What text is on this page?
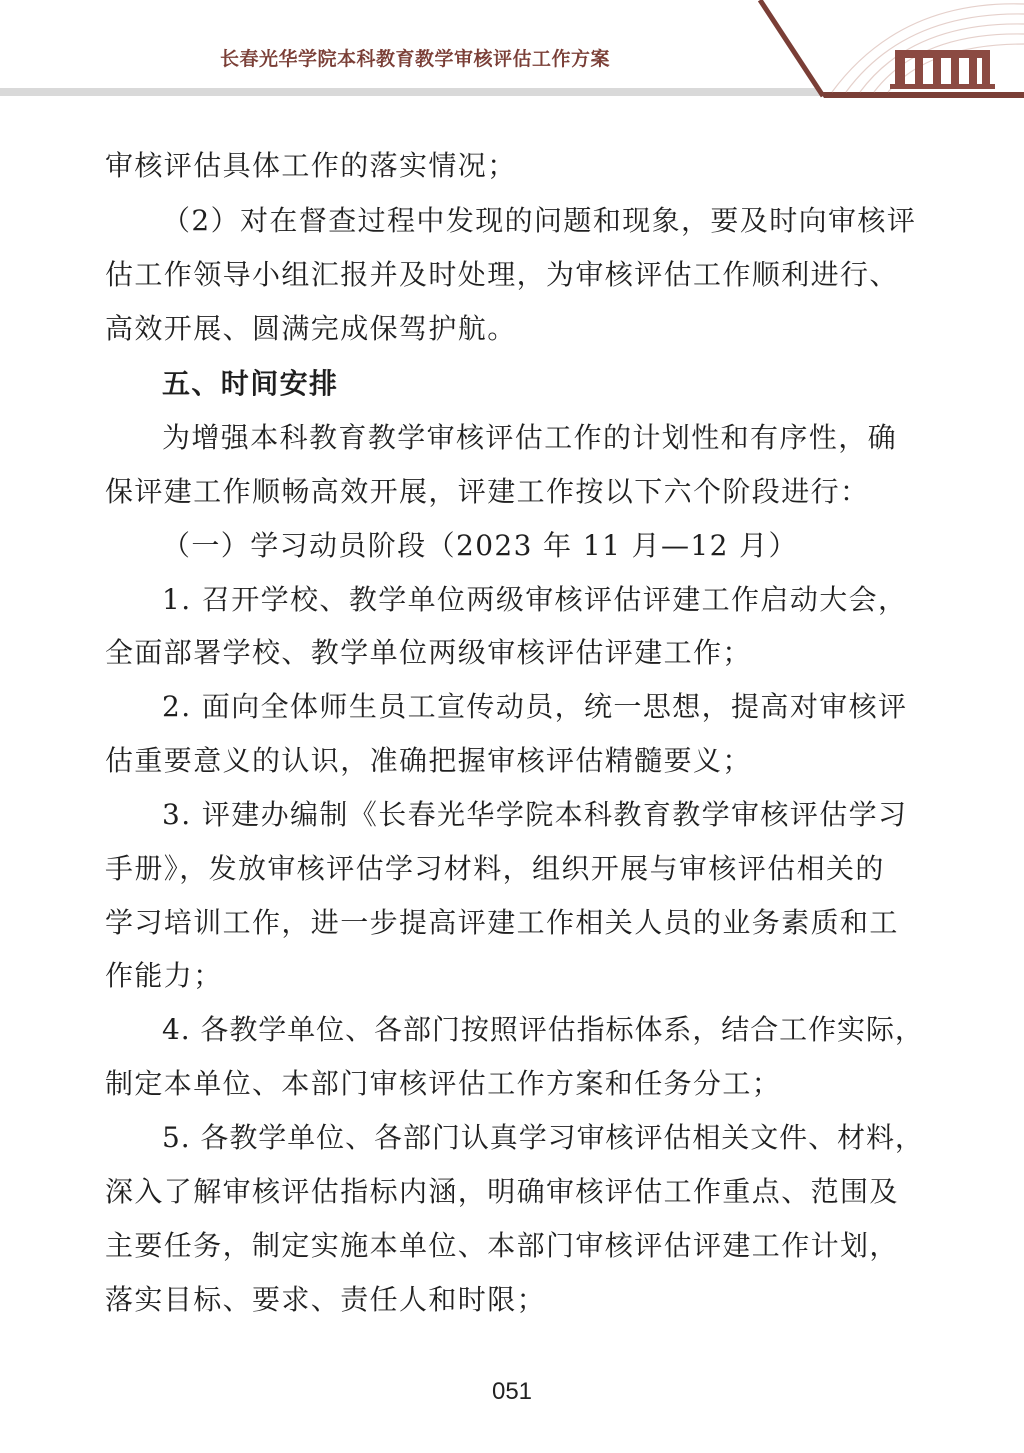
长春光华学院本科教育教学审核评估工作方案
审核评估具体工作的落实情况；
（2）对在督查过程中发现的问题和现象，要及时向审核评
估工作领导小组汇报并及时处理，为审核评估工作顺利进行、
高效开展、圆满完成保驾护航。
五、时间安排
为增强本科教育教学审核评估工作的计划性和有序性，确
保评建工作顺畅高效开展，评建工作按以下六个阶段进行：
（一）学习动员阶段（2023 年 11 月—12 月）
1. 召开学校、教学单位两级审核评估评建工作启动大会，
全面部署学校、教学单位两级审核评估评建工作；
2. 面向全体师生员工宣传动员，统一思想，提高对审核评
估重要意义的认识，准确把握审核评估精髓要义；
3. 评建办编制《长春光华学院本科教育教学审核评估学习
手册》，发放审核评估学习材料，组织开展与审核评估相关的
学习培训工作，进一步提高评建工作相关人员的业务素质和工
作能力；
4. 各教学单位、各部门按照评估指标体系，结合工作实际，
制定本单位、本部门审核评估工作方案和任务分工；
5. 各教学单位、各部门认真学习审核评估相关文件、材料，
深入了解审核评估指标内涵，明确审核评估工作重点、范围及
主要任务，制定实施本单位、本部门审核评估评建工作计划，
落实目标、要求、责任人和时限；
051
